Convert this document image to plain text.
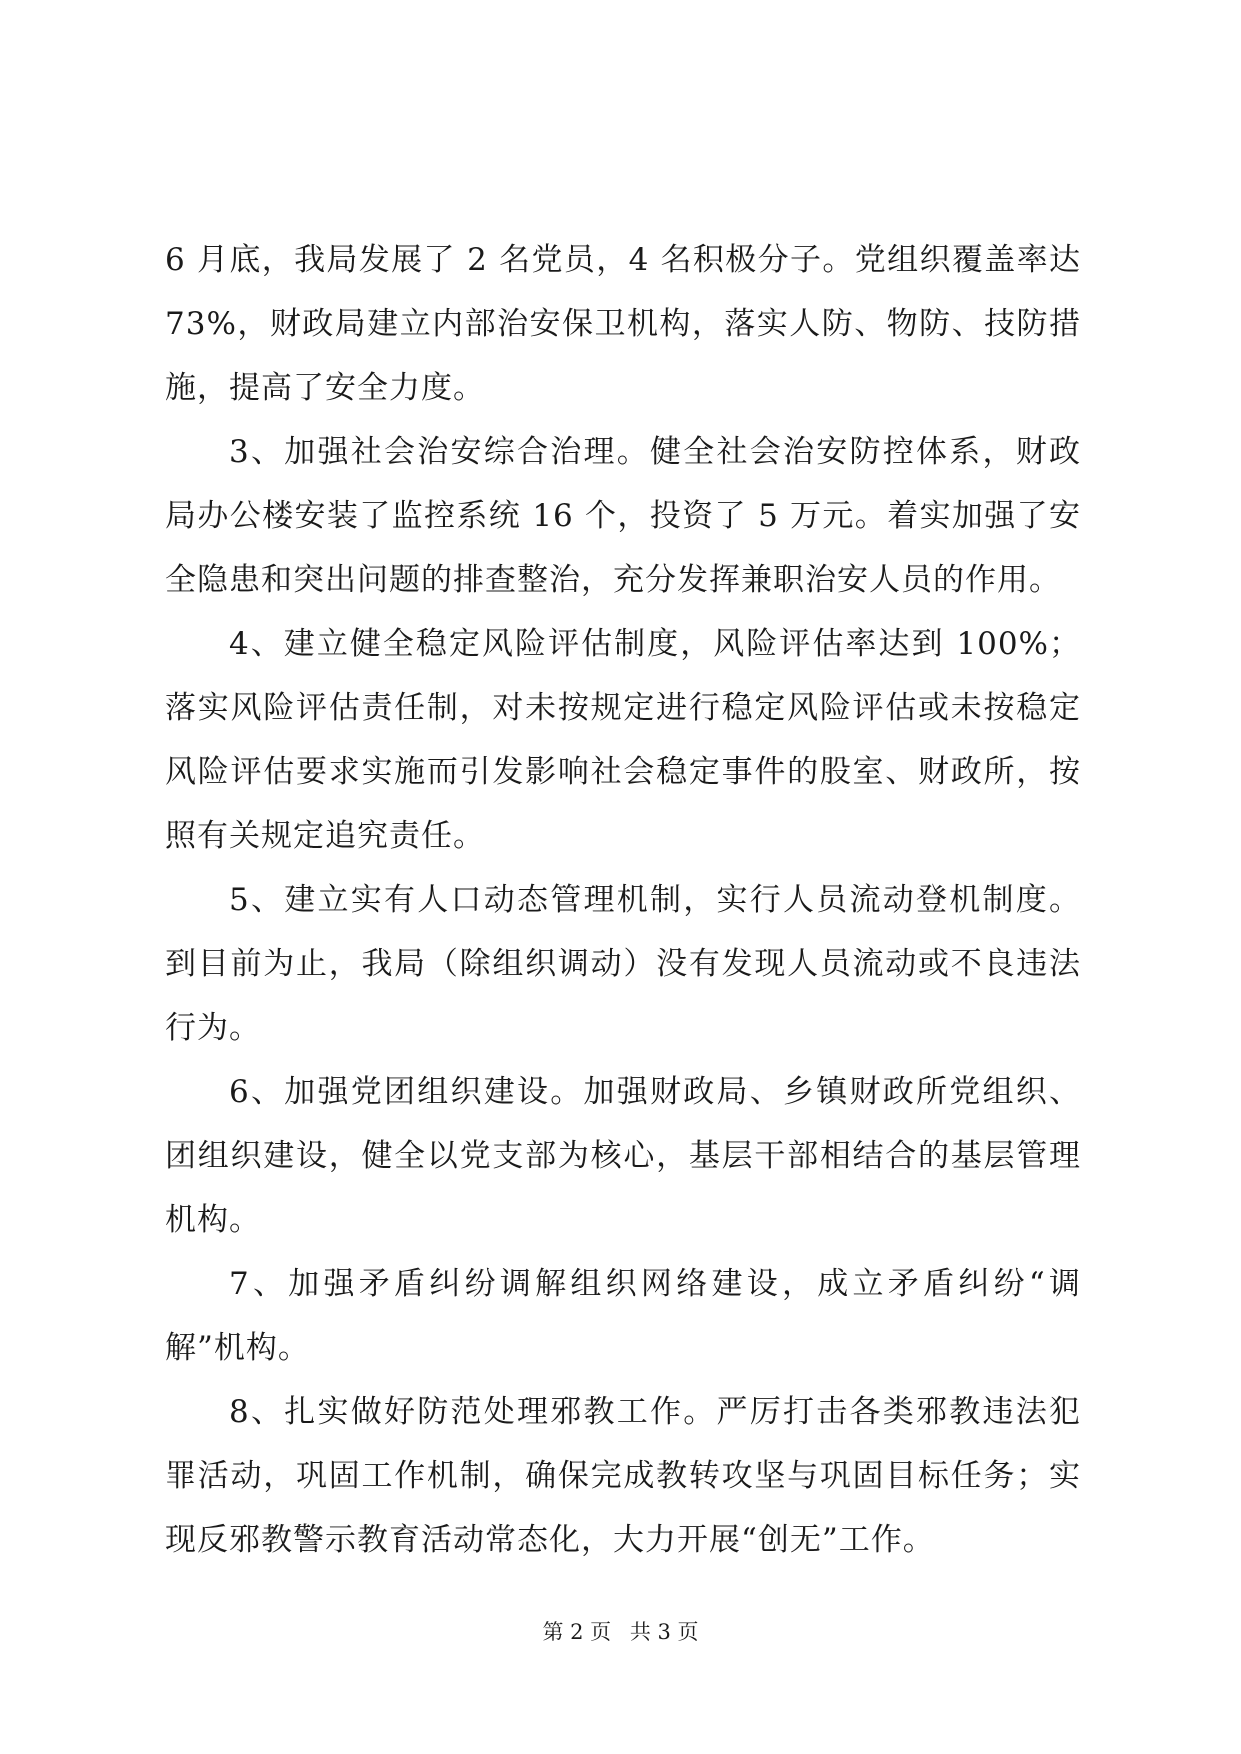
6 月底，我局发展了 2 名党员，4 名积极分子。党组织覆盖率达 73%，财政局建立内部治安保卫机构，落实人防、物防、技防措施，提高了安全力度。

3、加强社会治安综合治理。健全社会治安防控体系，财政局办公楼安装了监控系统 16 个，投资了 5 万元。着实加强了安全隐患和突出问题的排查整治，充分发挥兼职治安人员的作用。

4、建立健全稳定风险评估制度，风险评估率达到 100%；落实风险评估责任制，对未按规定进行稳定风险评估或未按稳定风险评估要求实施而引发影响社会稳定事件的股室、财政所，按照有关规定追究责任。

5、建立实有人口动态管理机制，实行人员流动登机制度。到目前为止，我局（除组织调动）没有发现人员流动或不良违法行为。

6、加强党团组织建设。加强财政局、乡镇财政所党组织、团组织建设，健全以党支部为核心，基层干部相结合的基层管理机构。

7、加强矛盾纠纷调解组织网络建设，成立矛盾纠纷“调解”机构。

8、扎实做好防范处理邪教工作。严厉打击各类邪教违法犯罪活动，巩固工作机制，确保完成教转攻坚与巩固目标任务；实现反邪教警示教育活动常态化，大力开展“创无”工作。

第 2 页 共 3 页
